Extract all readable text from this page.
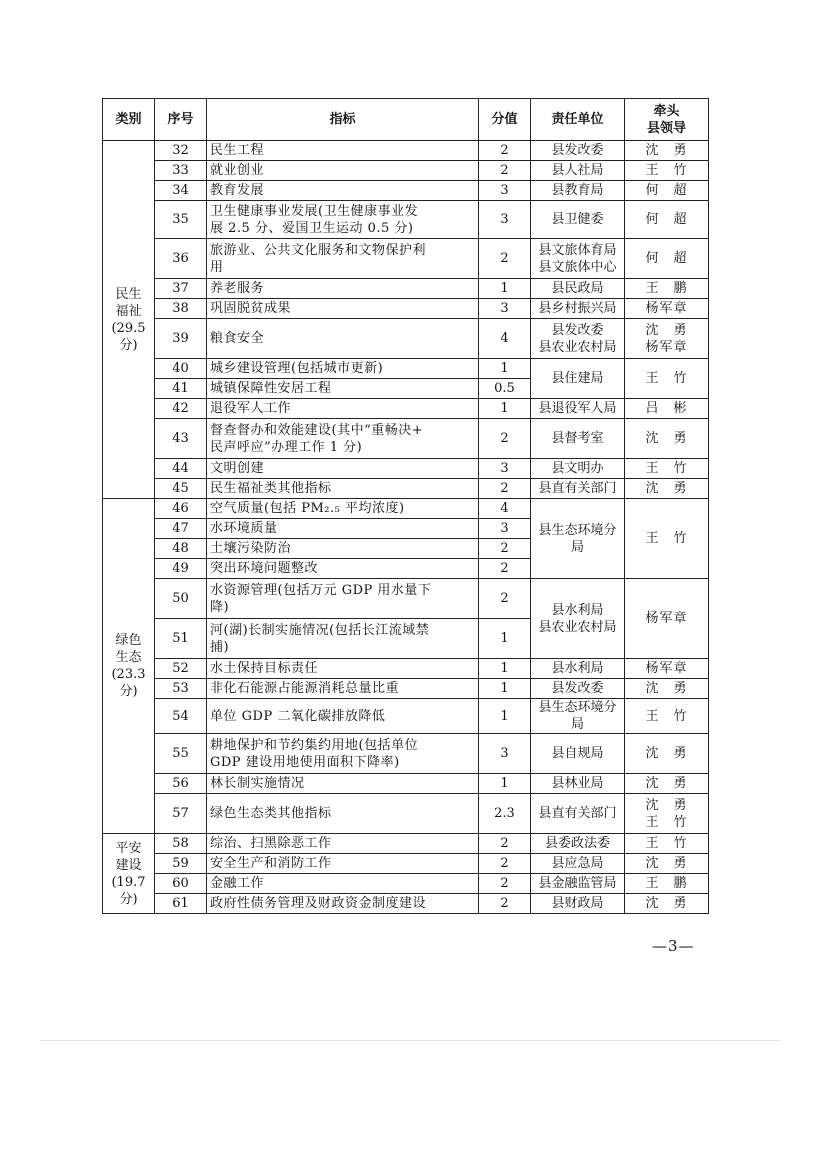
类别	序号	指标	分值	责任单位	牵头
县领导

民生
福祉
(29.5
分)	32	民生工程	2	县发改委	沈　勇
	33	就业创业	2	县人社局	王　竹
	34	教育发展	3	县教育局	何　超
	35	卫生健康事业发展(卫生健康事业发
展 2.5 分、爱国卫生运动 0.5 分)	3	县卫健委	何　超
	36	旅游业、公共文化服务和文物保护利
用	2	县文旅体育局
县文旅体中心	何　超
	37	养老服务	1	县民政局	王　鹏
	38	巩固脱贫成果	3	县乡村振兴局	杨军章
	39	粮食安全	4	县发改委
县农业农村局	沈　勇
杨军章

	40	城乡建设管理(包括城市更新)	1	县住建局	王　竹
	41	城镇保障性安居工程	0.5		
	42	退役军人工作	1	县退役军人局	吕　彬
	43	督查督办和效能建设(其中“重畅决+
民声呼应”办理工作 1 分)	2	县督考室	沈　勇
	44	文明创建	3	县文明办	王　竹
	45	民生福祉类其他指标	2	县直有关部门	沈　勇

绿色
生态
(23.3
分)	46	空气质量(包括 PM₂.₅ 平均浓度)	4	县生态环境分局	王　竹
	47	水环境质量	3		
	48	土壤污染防治	2		
	49	突出环境问题整改	2		
	50	水资源管理(包括万元 GDP 用水量下
降)	2	县水利局
县农业农村局	杨军章
	51	河(湖)长制实施情况(包括长江流域禁
捕)	1		
	52	水土保持目标责任	1	县水利局	杨军章
	53	非化石能源占能源消耗总量比重	1	县发改委	沈　勇
	54	单位 GDP 二氧化碳排放降低	1	县生态环境分局	王　竹
	55	耕地保护和节约集约用地(包括单位
GDP 建设用地使用面积下降率)	3	县自规局	沈　勇
	56	林长制实施情况	1	县林业局	沈　勇
	57	绿色生态类其他指标	2.3	县直有关部门	沈　勇
王　竹

平安
建设
(19.7
分)	58	综治、扫黑除恶工作	2	县委政法委	王　竹
	59	安全生产和消防工作	2	县应急局	沈　勇
	60	金融工作	2	县金融监管局	王　鹏
	61	政府性债务管理及财政资金制度建设	2	县财政局	沈　勇
—3—
